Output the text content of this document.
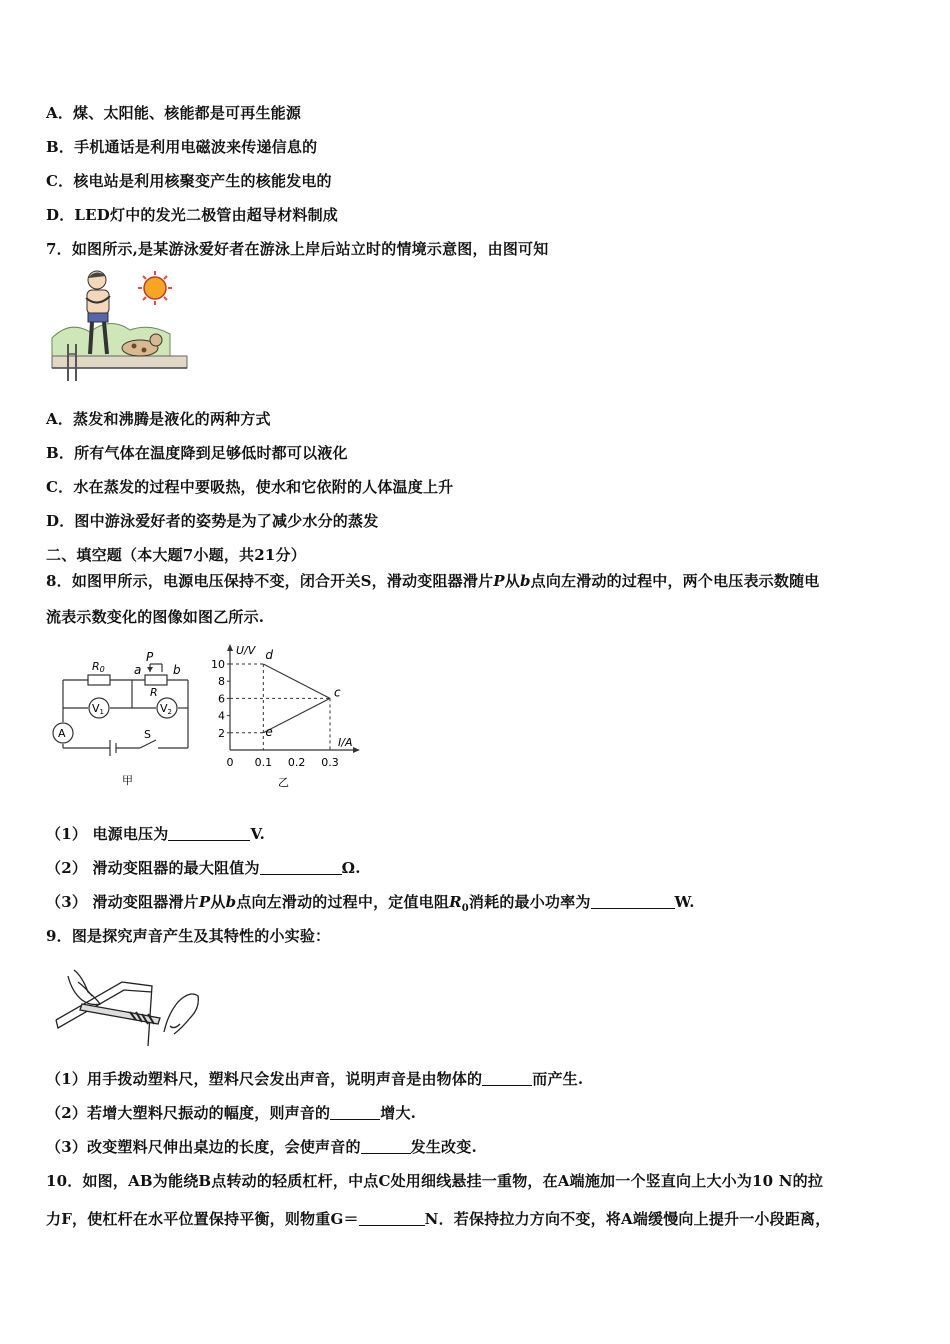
A．煤、太阳能、核能都是可再生能源
B．手机通话是利用电磁波来传递信息的
C．核电站是利用核聚变产生的核能发电的
D．LED灯中的发光二极管由超导材料制成
7．如图所示,是某游泳爱好者在游泳上岸后站立时的情境示意图，由图可知
A．蒸发和沸腾是液化的两种方式
B．所有气体在温度降到足够低时都可以液化
C．水在蒸发的过程中要吸热，使水和它依附的人体温度上升
D．图中游泳爱好者的姿势是为了减少水分的蒸发
二、填空题（本大题7小题，共21分）
8．如图甲所示，电源电压保持不变，闭合开关S，滑动变阻器滑片P从b点向左滑动的过程中，两个电压表示数随电
流表示数变化的图像如图乙所示.
R0 a
P
b
R
V1	V2
A	S
甲
U/V
I/A
10
8
6
4
2
0 0.1 0.2 0.3
d
c
e
乙
（1） 电源电压为	V.
（2） 滑动变阻器的最大阻值为	Ω.
（3） 滑动变阻器滑片P从b点向左滑动的过程中，定值电阻$R_0$消耗的最小功率为	W.
9．图是探究声音产生及其特性的小实验：
（1）用手拨动塑料尺，塑料尺会发出声音，说明声音是由物体的	而产生.
（2）若增大塑料尺振动的幅度，则声音的	增大.
（3）改变塑料尺伸出桌边的长度，会使声音的	发生改变.
10．如图，AB为能绕B点转动的轻质杠杆，中点C处用细线悬挂一重物，在A端施加一个竖直向上大小为10 N的拉
力F，使杠杆在水平位置保持平衡，则物重G＝	N．若保持拉力方向不变，将A端缓慢向上提升一小段距离，
